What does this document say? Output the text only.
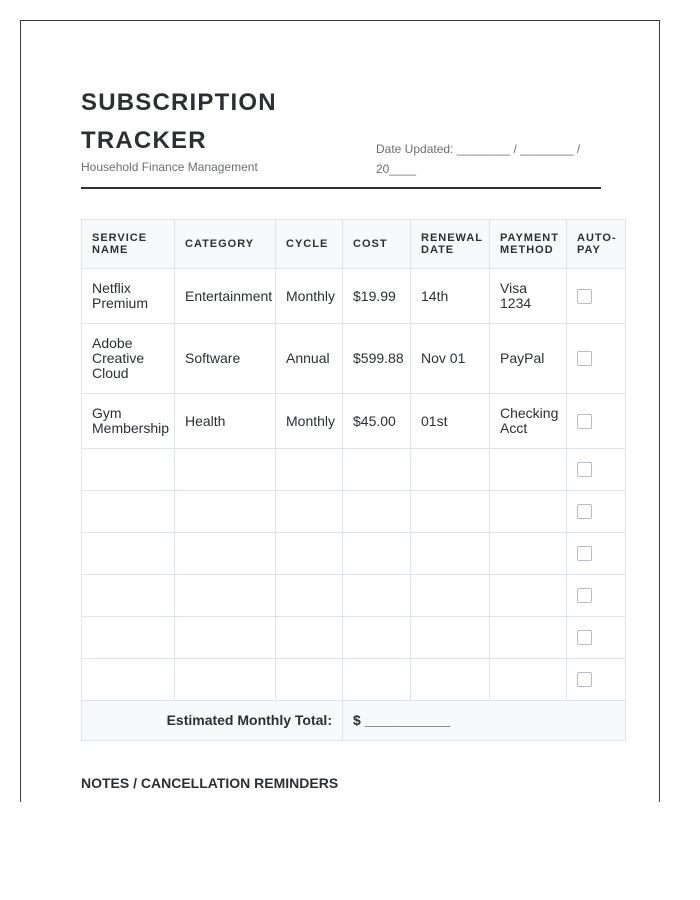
SUBSCRIPTION TRACKER
Household Finance Management
Date Updated: ________ / ________ / 20____
SERVICE NAME	CATEGORY	CYCLE	COST	RENEWAL DATE	PAYMENT METHOD	AUTO-PAY
Netflix Premium	Entertainment	Monthly	$19.99	14th	Visa 1234	
Adobe Creative Cloud	Software	Annual	$599.88	Nov 01	PayPal	
Gym Membership	Health	Monthly	$45.00	01st	Checking Acct	

Estimated Monthly Total:			$ ___________			
NOTES / CANCELLATION REMINDERS
